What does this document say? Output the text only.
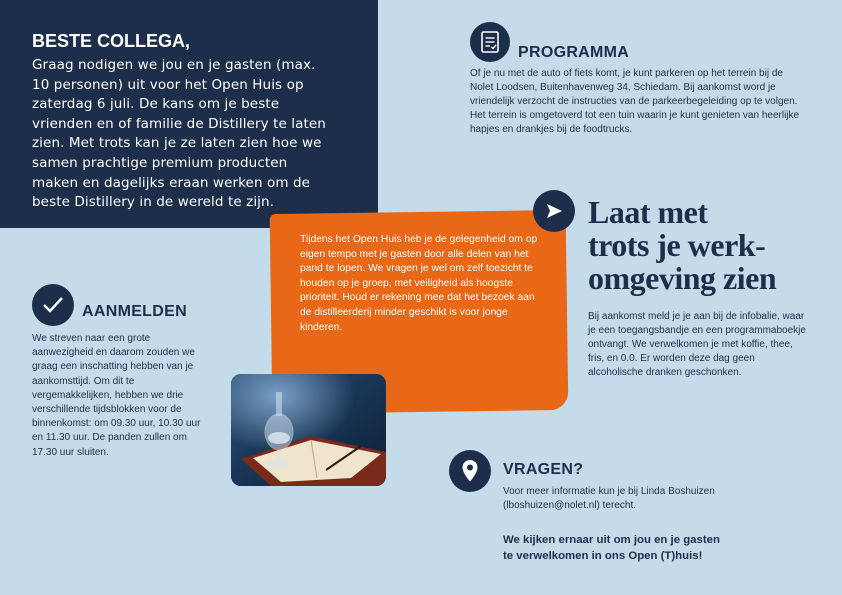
BESTE COLLEGA,
Graag nodigen we jou en je gasten (max. 10 personen) uit voor het Open Huis op zaterdag 6 juli. De kans om je beste vrienden en of familie de Distillery te laten zien. Met trots kan je ze laten zien hoe we samen prachtige premium producten maken en dagelijks eraan werken om de beste Distillery in de wereld te zijn.
PROGRAMMA
Of je nu met de auto of fiets komt, je kunt parkeren op het terrein bij de Nolet Loodsen, Buitenhavenweg 34, Schiedam. Bij aankomst word je vriendelijk verzocht de instructies van de parkeerbegeleiding op te volgen. Het terrein is omgetoverd tot een tuin waarin je kunt genieten van heerlijke hapjes en drankjes bij de foodtrucks.
Tijdens het Open Huis heb je de gelegenheid om op eigen tempo met je gasten door alle delen van het pand te lopen. We vragen je wel om zelf toezicht te houden op je groep, met veiligheid als hoogste prioriteit. Houd er rekening mee dat het bezoek aan de distilleerderij minder geschikt is voor jonge kinderen.
Laat met
trots je werk-
omgeving zien
Bij aankomst meld je je aan bij de infobalie, waar je een toegangsbandje en een programmaboekje ontvangt. We verwelkomen je met koffie, thee, fris, en 0.0. Er worden deze dag geen alcoholische dranken geschonken.
AANMELDEN
We streven naar een grote aanwezigheid en daarom zouden we graag een inschatting hebben van je aankomsttijd. Om dit te vergemakkelijken, hebben we drie verschillende tijdsblokken voor de binnenkomst: om 09.30 uur, 10.30 uur en 11.30 uur. De panden zullen om 17.30 uur sluiten.
VRAGEN?
Voor meer informatie kun je bij Linda Boshuizen (lboshuizen@nolet.nl) terecht.
We kijken ernaar uit om jou en je gasten
te verwelkomen in ons Open (T)huis!
